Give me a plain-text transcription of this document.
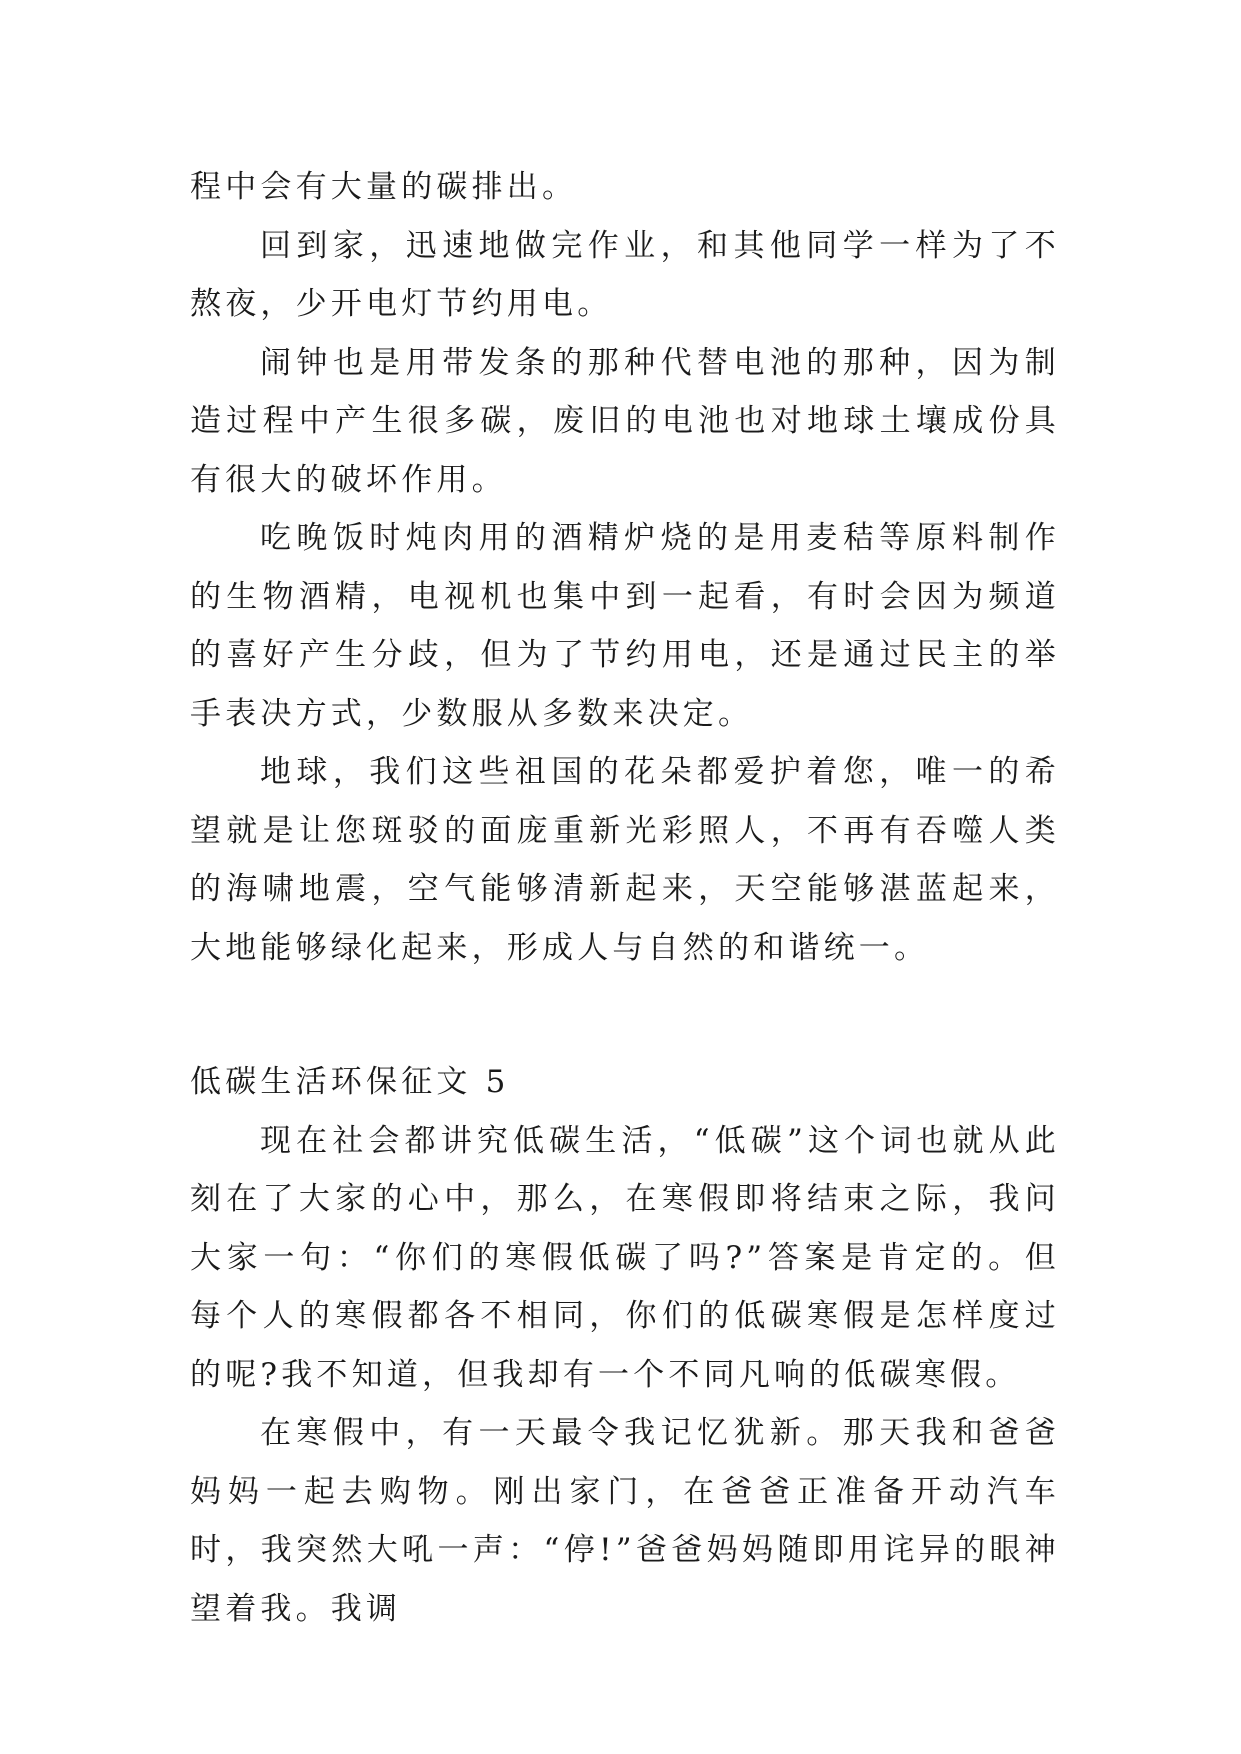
程中会有大量的碳排出。

回到家，迅速地做完作业，和其他同学一样为了不熬夜，少开电灯节约用电。

闹钟也是用带发条的那种代替电池的那种，因为制造过程中产生很多碳，废旧的电池也对地球土壤成份具有很大的破坏作用。

吃晚饭时炖肉用的酒精炉烧的是用麦秸等原料制作的生物酒精，电视机也集中到一起看，有时会因为频道的喜好产生分歧，但为了节约用电，还是通过民主的举手表决方式，少数服从多数来决定。

地球，我们这些祖国的花朵都爱护着您，唯一的希望就是让您斑驳的面庞重新光彩照人，不再有吞噬人类的海啸地震，空气能够清新起来，天空能够湛蓝起来，大地能够绿化起来，形成人与自然的和谐统一。

低碳生活环保征文 5

现在社会都讲究低碳生活，“低碳”这个词也就从此刻在了大家的心中，那么，在寒假即将结束之际，我问大家一句：“你们的寒假低碳了吗?”答案是肯定的。但每个人的寒假都各不相同，你们的低碳寒假是怎样度过的呢?我不知道，但我却有一个不同凡响的低碳寒假。

在寒假中，有一天最令我记忆犹新。那天我和爸爸妈妈一起去购物。刚出家门，在爸爸正准备开动汽车时，我突然大吼一声：“停!”爸爸妈妈随即用诧异的眼神望着我。我调
